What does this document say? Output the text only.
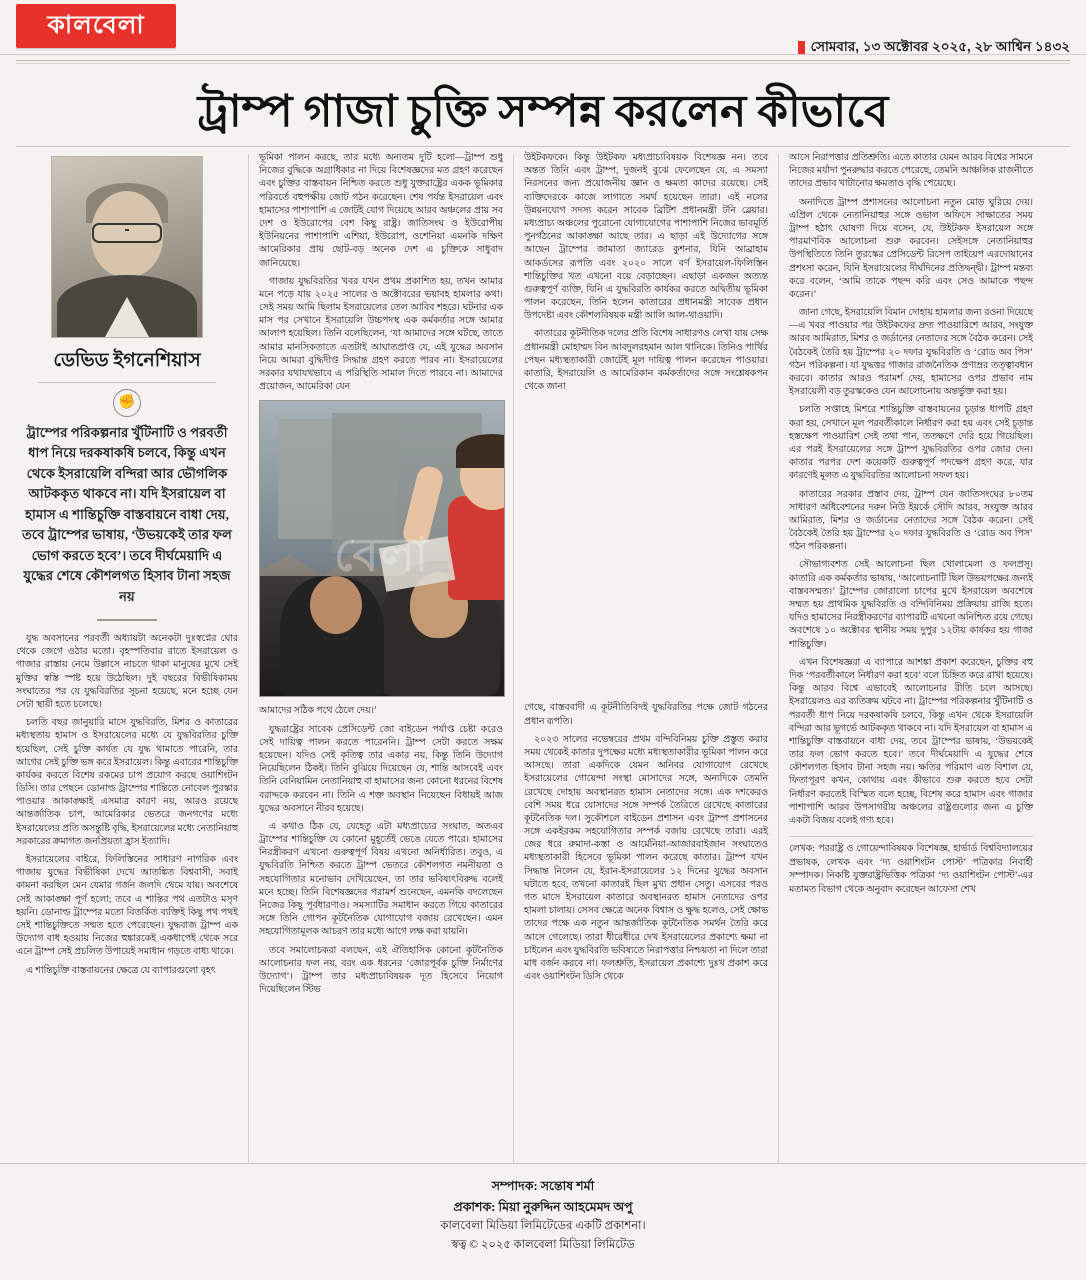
কালবেলা
সোমবার, ১৩ অক্টোবর ২০২৫, ২৮ আশ্বিন ১৪৩২
ট্রাম্প গাজা চুক্তি সম্পন্ন করলেন কীভাবে
ডেভিড ইগনেশিয়াস
✊
ট্রাম্পের পরিকল্পনার খুঁটিনাটি ও পরবর্তী ধাপ নিয়ে দরকষাকষি চলবে, কিন্তু এখন থেকে ইসরায়েলি বন্দিরা আর ভৌগলিক আটককৃত থাকবে না। যদি ইসরায়েল বা হামাস এ শান্তিচুক্তি বাস্তবায়নে বাধা দেয়, তবে ট্রাম্পের ভাষায়, ‘উভয়কেই তার ফল ভোগ করতে হবে’। তবে দীর্ঘমেয়াদি এ যুদ্ধের শেষে কৌশলগত হিসাব টানা সহজ নয়

যুদ্ধ অবসানের পরবর্তী অধ্যায়টা অনেকটা দুঃস্বপ্নের ঘোর থেকে জেগে ওঠার মতো। বৃহস্পতিবার রাতে ইসরায়েল ও গাজার রাস্তায় নেমে উল্লাসে নাচতে থাকা মানুষের মুখে সেই মুক্তির স্বস্তি স্পষ্ট হয়ে উঠেছিল। দুই বছরের বিভীষিকাময় সংঘাতের পর যে যুদ্ধবিরতির সূচনা হয়েছে, মনে হচ্ছে যেন সেটা স্থায়ী হতে চলেছে।

চলতি বছর জানুয়ারি মাসে যুদ্ধবিরতি, মিশর ও কাতারের মধ্যস্থতায় হামাস ও ইসরায়েলের মধ্যে যে যুদ্ধবিরতির চুক্তি হয়েছিল, সেই চুক্তি কার্যত যে যুদ্ধ থামাতে পারেনি, তার আগের সেই চুক্তি ভঙ্গ করে ইসরায়েল। কিন্তু এবারের শান্তিচুক্তি কার্যকর করতে বিশেষ রকমের চাপ প্রয়োগ করছে ওয়াশিংটন ডিসি। তার পেছনে ডোনাল্ড ট্রাম্পের শান্তিতে নোবেল পুরস্কার পাওয়ার আকাঙ্ক্ষাই এসমাত্র কারণ নয়, আরও রয়েছে আন্তর্জাতিক চাপ, আমেরিকার ভেতরে জনগণের মধ্যে ইসরায়েলের প্রতি অসন্তুষ্টি বৃদ্ধি, ইসরায়েলের মধ্যে নেতানিয়াহু সরকারের ক্রমাগত জনপ্রিয়তা হ্রাস ইত্যাদি।

ইসরায়েলের বাইরে, ফিলিস্তিনের সাধারণ নাগরিক এবং গাজায় যুদ্ধের বিভীষিকা দেখে আতঙ্কিত বিশ্ববাসী, সবাই কামনা করছিল মেন যেমার গর্জন জলদি থেমে যায়। অবশেষে সেই আকাঙ্ক্ষা পূর্ণ হলো; তবে এ শান্তির পথ এতটাও মসৃণ হয়নি। ডোনাল্ড ট্রাম্পের মতো বিতর্কিত ব্যক্তিই কিছু পথ পথই সেই শান্তিচুক্তিতে সম্মত হতে পেরেছেন। যুদ্ধবাজ ট্রাম্প এক উদ্যোগ বাধ হওয়ায় নিজের হুঙ্কারকেই একধাপেই থেকে সরে এনে ট্রাম্প সেই প্রচলিত উপায়েই সমাধান গড়তে বাধ্য থাকে।

এ শান্তিচুক্তি বাস্তবায়নের ক্ষেত্রে যে ব্যাপারগুলো বৃহৎ

ভূমিকা পালন করছে, তার মধ্যে অন্যতম দুটি হলো—ট্রাম্প শুধু নিজের বুদ্ধিকে অগ্রাধিকার না দিয়ে বিশেষজ্ঞদের মত গ্রহণ করেছেন এবং চুক্তির বাস্তবায়ন নিশ্চিত করতে শুধু যুক্তরাষ্ট্রের একক ভূমিকার পরিবর্তে বহুপক্ষীয় জোট গঠন করেছেন। শেষ পর্যন্ত ইসরায়েল এবং হামাসের পাশাপাশি এ জোটই যোগ দিয়েছে আরব অঞ্চলের প্রায় সব দেশ ও ইউরোপের বেশ কিছু রাষ্ট্র। জাতিসংঘ ও ইউরোপীয় ইউনিয়নের পাশাপাশি এশিয়া, ইউরোপ, ওশেনিয়া এমনকি দক্ষিণ আমেরিকার প্রায় ছোট-বড় অনেক দেশ এ চুক্তিকে সাধুবাদ জানিয়েছে।

গাজায় যুদ্ধবিরতির খবর যখন প্রথম প্রকাশিত হয়, তখন আমার মনে পড়ে যায় ২০২৫ সালের ও অক্টোবরের ভয়াবহ হামলার কথা। সেই সময় আমি ছিলাম ইসরায়েলের তেল আবিব শহরে। ঘটনার এক মাস পর সেখানে ইসরায়েলি উচ্চপদস্থ এক কর্মকর্তার সঙ্গে আমার আলাপ হয়েছিল। তিনি বলেছিলেন, ‘যা আমাদের সঙ্গে ঘটছে, তাতে আমার মানসিকতাতে এতটাই আঘাতপ্রাপ্ত যে, এই যুদ্ধের অবসান নিয়ে আমরা বুদ্ধিদীপ্ত সিদ্ধান্ত গ্রহণ করতে পারব না। ইসরায়েলের সরকার যথাযথভাবে এ পরিস্থিতি সামাল দিতে পারবে না। আমাদের প্রয়োজন, আমেরিকা যেন

বেলা

আমাদের সঠিক পথে ঠেলে দেয়।’

যুদ্ধরাষ্ট্রের সাবেক প্রেসিডেন্ট জো বাইডেন পর্যাপ্ত চেষ্টা করেও সেই দায়িত্ব পালন করতে পারেননি। ট্রাম্প সেটা করতে সক্ষম হয়েছেন। যদিও সেই কৃতিত্ব তার একার নয়, কিন্তু তিনি উদ্যোগ নিয়েছিলেন ঠিকই। তিনি বুঝিয়ে দিয়েছেন যে, শান্তি আসবেই এবং তিনি বেনিয়ামিন নেতানিয়াহু বা হামাসের জন্য কোনো ধরনের বিশেষ বরাদ্দকে করবেন না। তিনি এ শক্ত অবস্থান নিয়েছেন বিধায়ই আজ যুদ্ধের অবসানে নীরব হয়েছে।

এ কথাও ঠিক যে, যেহেতু এটা মধ্যপ্রাচ্যের সংঘাত, অতএব ট্রাম্পের শান্তিচুক্তি যে কোনো মুহূর্তেই ভেঙে যেতে পারে। হামাসের নিরস্ত্রীকরণ এখনো গুরুত্বপূর্ণ বিষয় এখনো অনির্ধারিত। তবুও, এ যুদ্ধবিরতি নিশ্চিত করতে ট্রাম্প ভেতরে কৌশলগত নমনীয়তা ও সহযোগিতার মনোভাব দেখিয়েছেন, তা তার ভবিষ্যৎবিরুদ্ধ বলেই মনে হচ্ছে। তিনি বিশেষজ্ঞদের পরামর্শ শুনেছেন, এমনকি বদলেছেন নিজের কিছু পূর্বধারণাও। সমস্যাটির সমাধান করতে গিয়ে কাতারের সঙ্গে তিনি গোপন কূটনৈতিক যোগাযোগ বজায় রেখেছেন। এমন সহযোগিতামূলক আচরণ তার মধ্যে আগে লক্ষ করা যায়নি।

তবে সমালোচকরা বলছেন, এই ঐতিহাসিক কোনো কূটনৈতিক আলোচনার ফল নয়, বরং এক ধরনের ‘জোরপূর্বক চুক্তি নির্মাণের উদ্যোগ’। ট্রাম্প তার মধ্যপ্রাচ্যবিষয়ক দূত হিসেবে নিয়োগ দিয়েছিলেন স্টিভ

উইটকফকে। কিন্তু উইটকফ মধ্যপ্রাচ্যবিষয়ক বিশেষজ্ঞ নন। তবে অন্তত তিনি এবং ট্রাম্প, দুজনই বুঝে ফেলেছেন যে, এ সমস্যা নিরসনের জন্য প্রয়োজনীয় জ্ঞান ও ক্ষমতা কাদের রয়েছে। সেই ব্যক্তিদেরকে কাজে লাগাতে সমর্থ হয়েছেন তারা। এই নলের উন্নয়নযোগ সদস্য করেন সাবেক ব্রিটিশ প্রধানমন্ত্রী টনি ব্লেয়ার। মধ্যপ্রাচ্য অঞ্চলের পুরোনো যোগাযোগের পাশাপাশি নিজের ভাবমূর্তি পুনর্গঠনের আকাঙ্ক্ষা আছে তার। এ ছাড়া এই উদ্যোগের সঙ্গে আছেন ট্রাম্পের জামাতা জ্যারেড কুশনার, যিনি আব্রাহাম আকর্ডসের রূপতি এবং ২০২০ সালে বর্ণ ইসরায়েল-ফিলিস্তিন শান্তিচুক্তির খত এখনো বয়ে বেড়াচ্ছেন। এছাড়া একজন অত্যন্ত গুরুত্বপূর্ণ ব্যক্তি, যিনি এ যুদ্ধবিরতি কার্যকর করতে অদ্বিতীয় ভূমিকা পালন করেছেন, তিনি হলেন কাতারের প্রধানমন্ত্রী সাবেক প্রধান উপদেষ্টা এবং কৌশলবিষয়ক মন্ত্রী আলি আল-থাওয়াদি।

কাতারের কূটনীতিক দলের প্রতি বিশেষ সাধারণও লেখা যায় সেক্ষ প্রধানমন্ত্রী মোহাম্মদ বিন আবদুলরহমান আল থানিকে। তিনিও পার্থির পেছন মধ্যস্থতাকারী জোটেই মূল দায়িত্ব পালন করেছেন পাওয়ার। কাতারি, ইসরায়েলি ও আমেরিকান কর্মকর্তাদের সঙ্গে সংশ্লেষকপন থেকে জানা

গেছে, বাস্তববাদী এ কূটনীতিবিদই যুদ্ধবিরতির পক্ষে জোট গঠনের প্রধান রূপতি।

২০২৩ সালের নভেম্বরের প্রথম বন্দিবিনিময় চুক্তি প্রস্তুত করার সময় থেকেই কাতার দুপক্ষের মধ্যে মধ্যস্থতাকারীর ভূমিকা পালন করে আসছে। তারা একদিকে যেমন অনিবর যোগাযোগ রেখেছে ইসরায়েলের গোয়েন্দা সংস্থা মোসাদের সঙ্গে, অন্যদিকে তেমনি রেখেছে দোহায় অবস্থানরত হামাস নেতাদের সঙ্গে। এক দশকেরও বেশি সময় ধরে যোসাদের সঙ্গে সম্পর্ক তৈরিতে রেখেছে কাতারের কূটনৈতিক দল। সুকৌশলে বাইডেন প্রশাসন এবং ট্রাম্প প্রশাসনের সঙ্গে একইরকম সহযোগিতার সম্পর্ক বজায় রেখেছে তারা। এরই জের ধরে রুমাদা-কস্তা ও আর্মেনিয়া-আজারবাইজান সংঘাতেও মধ্যস্থতাকারী হিসেবে ভূমিকা পালন করেছে কাতার। ট্রাম্প যখন সিদ্ধান্ত নিলেন যে, ইরান-ইসরায়েলের ১২ দিনের যুদ্ধের অবসান ঘটাতে হবে, তখনো কাতারই ছিল মুখ্য প্রধান সেতু। এসবের পরও গত মাসে ইসরায়েল কাতারে অবস্থানরত হামাস নেতাদের ওপর হামলা চালায়। সেসব ক্ষেত্রে অনেক বিশ্বাস ও ক্ষুদ্ধ হলেও, সেই ক্ষোভ তাদের পক্ষে এক নতুন আন্তর্জাতিক কূটনৈতিক সমর্থন তৈরি করে আসে গেলেছে। তারা ধীরেধীরে দেখ ইসরায়েলের প্রকাশ্যে ক্ষমা না চাইলেন এবং যুদ্ধবিরতি ভবিষ্যতে নিরাপত্তার নিশ্চয়তা না দিলে তারা মাধ বর্জন করবে না। ফলশ্রুতি, ইসরায়েল প্রকাশ্যে দুঃখ প্রকাশ করে এবং ওয়াশিংটন ডিসি থেকে

আসে নিরাপত্তার প্রতিশ্রুতি। এতে কাতার যেমন আরব বিশ্বের সামনে নিজের মর্যাদা পুনরুদ্ধার করতে পেরেছে, তেমনি আঞ্চলিক রাজনীতে তাদের প্রভাব খাটানোর ক্ষমতাও বৃদ্ধি পেয়েছে।

অনাদিতে ট্রাম্প প্রশাসনের আলোচনা নতুন মোড় ঘুরিয়ে দেয়। এপ্রিল থেকে নেতানিয়াহুর সঙ্গে ওভাল অফিসে সাক্ষাতের সময় ট্রাম্প হঠাৎ ঘোষণা দিয়ে বসেন, যে, উইটকফ ইসরায়েল সঙ্গে পারমাণবিক আলোচনা শুরু করবেন। সেইসঙ্গে নেতানিয়াহুর উপস্থিতিতে তিনি তুরস্কের প্রেসিডেন্ট রিসেপ তাইয়েপ এরদোয়ানের প্রশংসা করেন, যিনি ইসরায়েলের দীর্ঘদিনের প্রতিদ্বন্দ্বী। ট্রাম্প মন্তব্য করে বলেন, ‘আমি তাকে পছন্দ করি এবং সেও আমাকে পছন্দ করেন।’

জানা গেছে, ইসরায়েলি বিমান দোহায় হামলার জন্য রওনা দিয়েছে—এ খবর পাওয়ার পর উইটকফের দ্রুত পাওয়ারিশে আরব, সংযুক্ত আরব আমিরাত, মিশর ও জর্ডানের নেতাদের সঙ্গে বৈঠক করেন। সেই বৈঠকেই তৈরি হয় ট্রাম্পের ২০ দফার যুদ্ধবিরতি ও ‘রোড অব পিস’ গঠন পরিকল্পনা। যা যুদ্ধত্তর গাজার রাজনৈতিক প্রণাম্রর তত্ত্বাবধান করবে। কাতার আরও পরামর্শ দেয়, হামাসের ওপর প্রভাব নাম ইসরায়েলী বড় তুরস্ককেও যেন আলোচনায় অন্তর্ভুক্ত করা হয়।

চলতি সপ্তাহে মিশরে শান্তিচুক্তি বাস্তবায়নের চূড়ান্ত ধাপটি গ্রহণ করা হয়, সেখানে মূল পরবর্তীকালে নির্ধারণ করা হয় এবং সেই চূড়ান্ত হস্তক্ষেপ পাওয়ারিশ সেই তথা পান, ততক্ষণে দেরি হয়ে গিয়েছিল। এর পরই ইসরায়েলের সঙ্গে ট্রাম্প যুদ্ধবিরতির ওপর জোর দেন। কাতার পরপর দেশ কয়েকটি গুরুত্বপূর্ণ পদক্ষেপ গ্রহণ করে, যার কারণেই মূলত এ যুদ্ধবিরতির আলোচনা সফল হয়।

কাতারের সরকার প্রস্তাব দেয়, ট্রাম্প যেন জাতিসংঘের ৮০তম সাধারণ অধিবেশনের দরুন নিউ ইয়র্কে সৌদি আরব, সংযুক্ত আরব আমিরাত, মিশর ও জর্ডানের নেতাদের সঙ্গে বৈঠক করেন। সেই বৈঠকেই তৈরি হয় ট্রাম্পের ২০ দফার যুদ্ধবিরতি ও ‘রোড অব পিস’ গঠন পরিকল্পনা।

সৌভাগ্যবশত সেই আলোচনা ছিল খোলামেলা ও ফলপ্রসূ। কাতারি এক কর্মকর্তার ভাষায়, ‘আলোচনাটি ছিল উভয়পক্ষের জন্যই বাস্তবসম্মত।’ ট্রাম্পের জোরালো চাপের মুখে ইসরায়েল অবশেষে সম্মত হয় প্রাথমিক যুদ্ধবিরতি ও বন্দিবিনিময় প্রক্রিয়ায় রাজি হতে। যদিও হামাসের নিরস্ত্রীকরণের ব্যাপারটি এখনো অনিশ্চিত রয়ে গেছে। অবশেষে ১০ অক্টোবর স্থানীয় সময় দুপুর ১২টায় কার্যকর হয় গাজা শান্তিচুক্তি।

এখন বিশেষজ্ঞরা এ ব্যাপারে আশঙ্কা প্রকাশ করেছেন, চুক্তির বহু দিক ‘পরবর্তীকালে নির্ধারণ করা হবে’ বলে চিহ্নিত করে রাখা হয়েছে। কিন্তু আরব বিশ্বে এভাবেই আলোচনার রীতি চলে আসছে। ইসরায়েলও এর ব্যতিক্রম ঘটবে না। ট্রাম্পের পরিকল্পনার খুঁটিনাটি ও পরবর্তী ধাপ নিয়ে দরকষাকষি চলবে, কিন্তু এখন থেকে ইসরায়েলি বন্দিরা আর ভূগর্ভে আটককৃত থাকবে না। যদি ইসরায়েল বা হামাস এ শান্তিচুক্তি বাস্তবায়নে বাধা দেয়, তবে ট্রাম্পের ভাষায়, ‘উভয়কেই তার ফল ভোগ করতে হবে।’ তবে দীর্ঘমেয়াদি এ যুদ্ধের শেষে কৌশলগত হিসাব টানা সহজ নয়। ক্ষতির পরিমাণ এত বিশাল যে, ফিতাপূরণ কখন, কোথায় এবং কীভাবে শুরু করতে হবে সেটা নির্ধারণ করতেই বিস্মিত বলে হচ্ছে, বিশেষ করে হামাস এবং গাজার পাশাপাশি আরব উপসাগরীয় অঞ্চলের রাষ্ট্রগুলোর জন্য এ চুক্তি একটা বিজয় বলেই গণ্য হবে।

লেখক: পররাষ্ট্র ও গোয়েন্দাবিষয়ক বিশেষজ্ঞ, হার্ভার্ড বিশ্ববিদ্যালয়ের প্রভাষক, লেখক এবং ‘দ্য ওয়াশিংটন পোস্ট’ পত্রিকার নিবার্হী সম্পাদক। নিকষ্টি যুক্তরাষ্ট্রভিত্তিক পত্রিকা ‘দ্য ওয়াশিংটন পোস্ট’-এর মতামত বিভাগ থেকে অনুবাদ করেছেন আফেসা শেখ
সম্পাদক: সন্তোষ শর্মা
প্রকাশক: মিয়া নুরুদ্দিন আহমেমদ অপু
কালবেলা মিডিয়া লিমিটেডের একটি প্রকাশনা।
স্বত্ব © ২০২৫ কালবেলা মিডিয়া লিমিটেড
